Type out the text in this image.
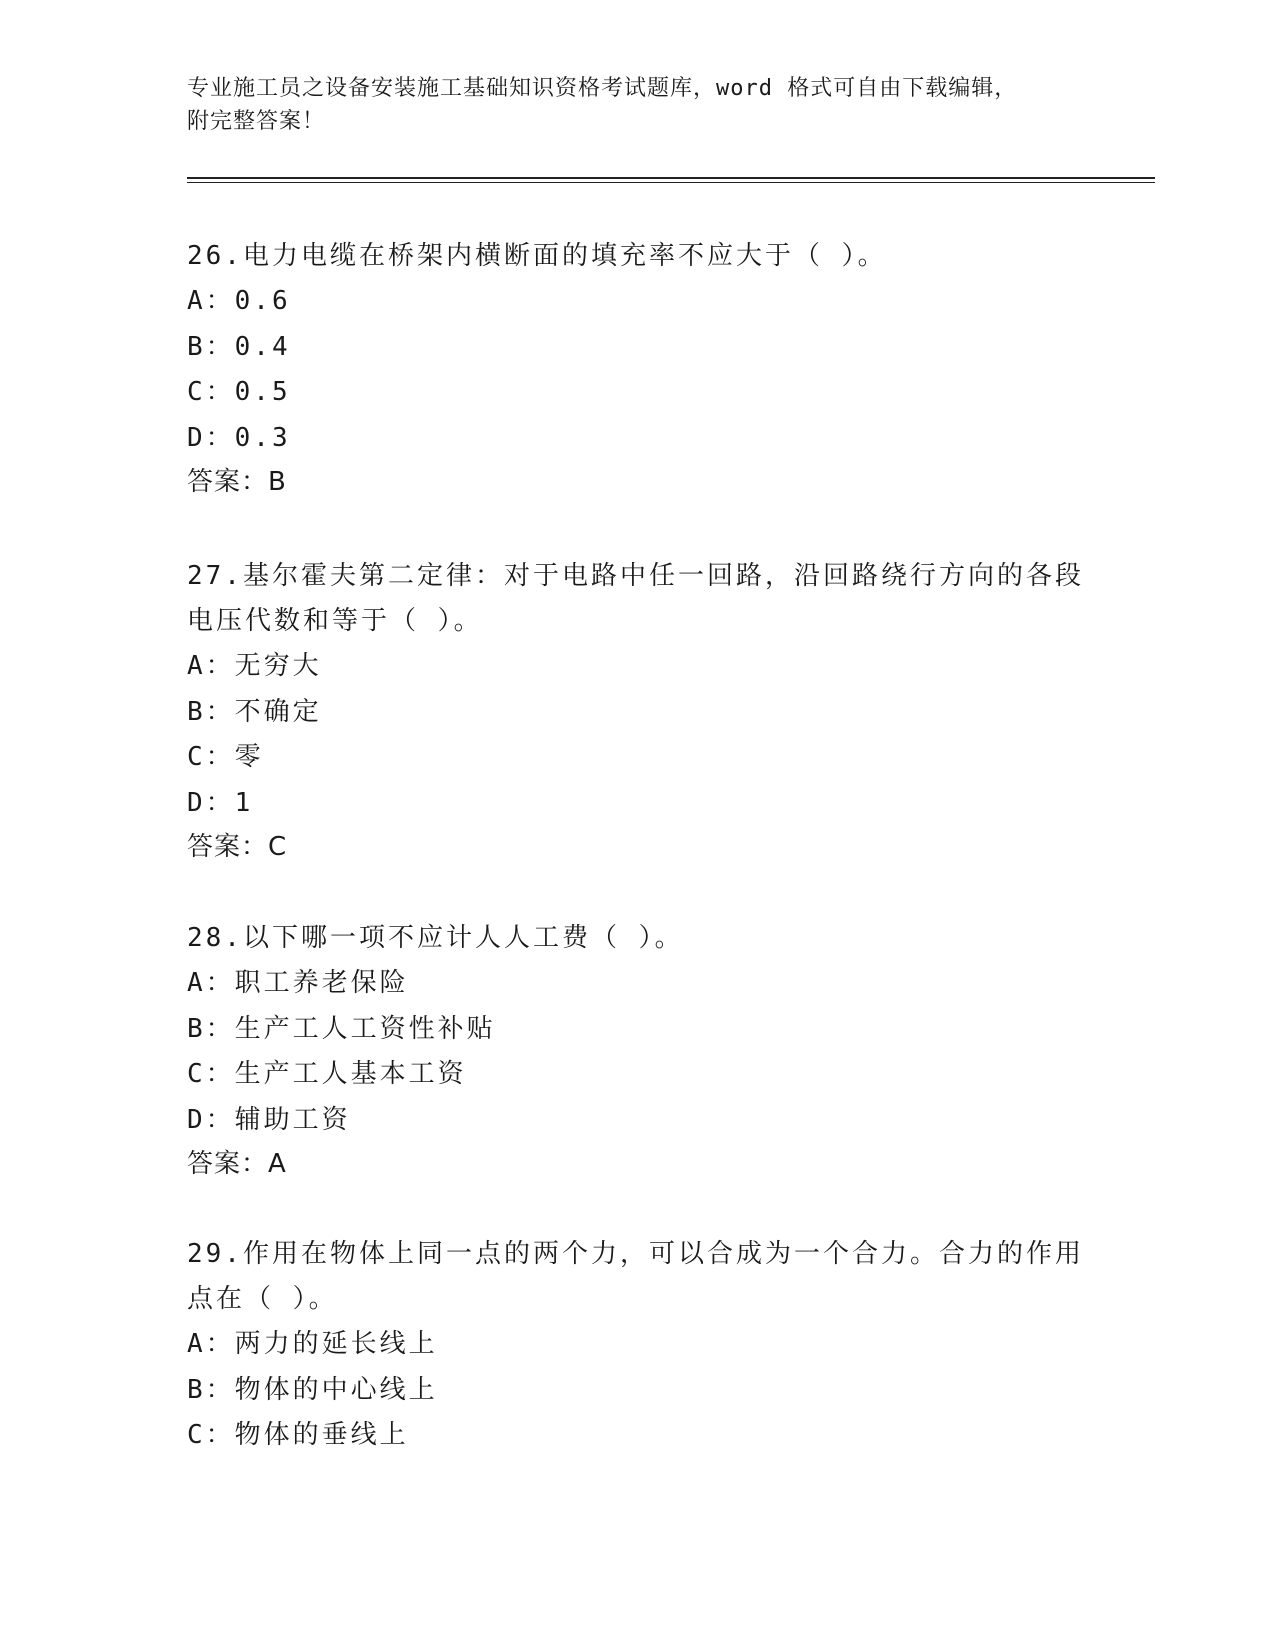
专业施工员之设备安装施工基础知识资格考试题库，word 格式可自由下载编辑，
附完整答案！
26.电力电缆在桥架内横断面的填充率不应大于（ ）。
A：0.6
B：0.4
C：0.5
D：0.3
答案：B
27.基尔霍夫第二定律：对于电路中任一回路，沿回路绕行方向的各段
电压代数和等于（ ）。
A：无穷大
B：不确定
C：零
D：1
答案：C
28.以下哪一项不应计人人工费（ ）。
A：职工养老保险
B：生产工人工资性补贴
C：生产工人基本工资
D：辅助工资
答案：A
29.作用在物体上同一点的两个力，可以合成为一个合力。合力的作用
点在（ ）。
A：两力的延长线上
B：物体的中心线上
C：物体的垂线上
